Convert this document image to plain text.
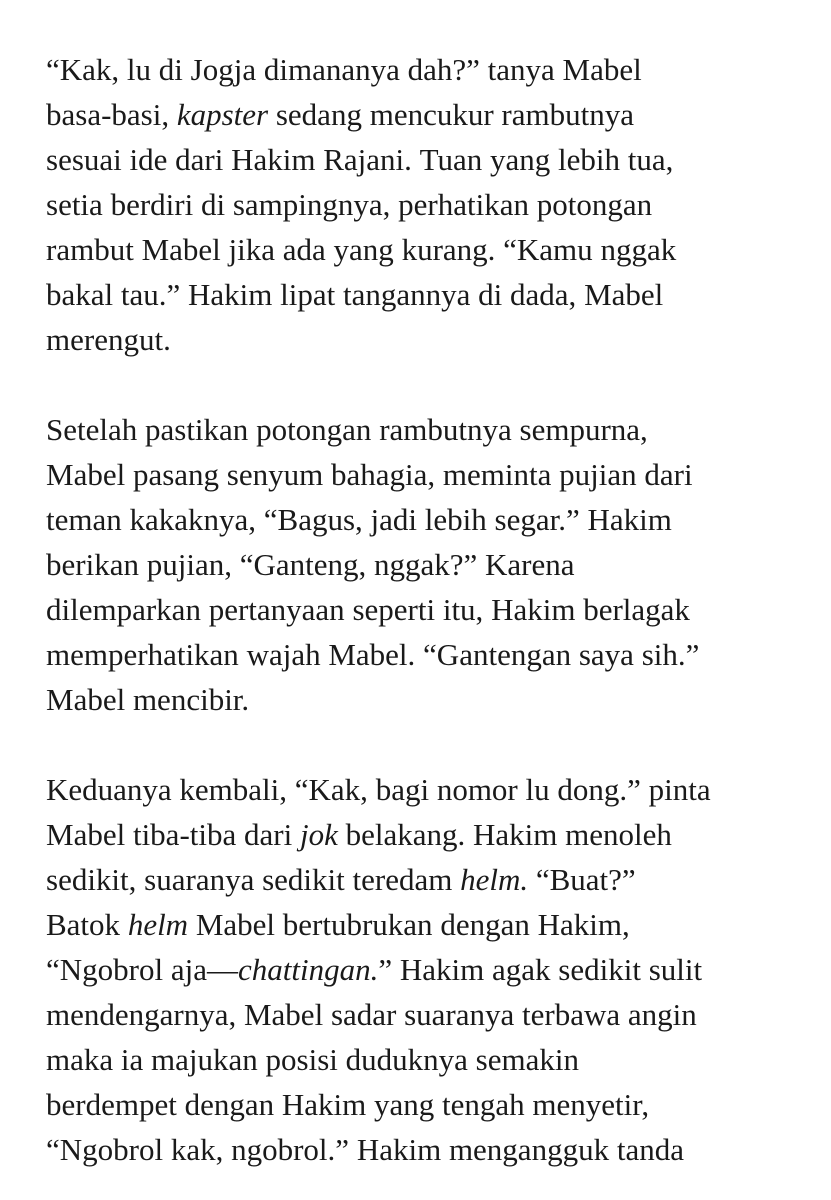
“Kak, lu di Jogja dimananya dah?” tanya Mabel
basa-basi, kapster sedang mencukur rambutnya
sesuai ide dari Hakim Rajani. Tuan yang lebih tua,
setia berdiri di sampingnya, perhatikan potongan
rambut Mabel jika ada yang kurang. “Kamu nggak
bakal tau.” Hakim lipat tangannya di dada, Mabel
merengut.
Setelah pastikan potongan rambutnya sempurna,
Mabel pasang senyum bahagia, meminta pujian dari
teman kakaknya, “Bagus, jadi lebih segar.” Hakim
berikan pujian, “Ganteng, nggak?” Karena
dilemparkan pertanyaan seperti itu, Hakim berlagak
memperhatikan wajah Mabel. “Gantengan saya sih.”
Mabel mencibir.
Keduanya kembali, “Kak, bagi nomor lu dong.” pinta
Mabel tiba-tiba dari jok belakang. Hakim menoleh
sedikit, suaranya sedikit teredam helm. “Buat?”
Batok helm Mabel bertubrukan dengan Hakim,
“Ngobrol aja—chattingan.” Hakim agak sedikit sulit
mendengarnya, Mabel sadar suaranya terbawa angin
maka ia majukan posisi duduknya semakin
berdempet dengan Hakim yang tengah menyetir,
“Ngobrol kak, ngobrol.” Hakim mengangguk tanda
